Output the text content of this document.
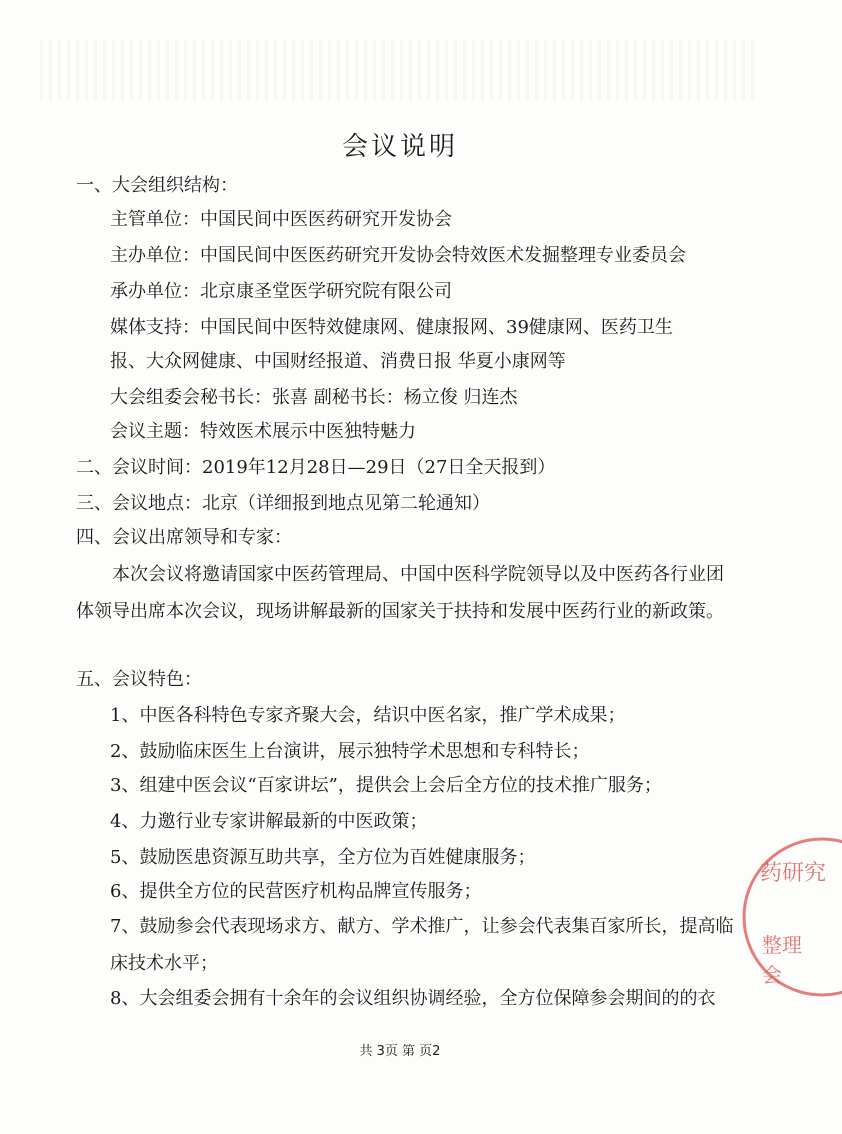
会议说明
一、大会组织结构：
主管单位：中国民间中医医药研究开发协会
主办单位：中国民间中医医药研究开发协会特效医术发掘整理专业委员会
承办单位：北京康圣堂医学研究院有限公司
媒体支持：中国民间中医特效健康网、健康报网、39健康网、医药卫生
报、大众网健康、中国财经报道、消费日报 华夏小康网等
大会组委会秘书长：张喜 副秘书长：杨立俊 归连杰
会议主题：特效医术展示中医独特魅力
二、会议时间：2019年12月28日—29日（27日全天报到）
三、会议地点：北京（详细报到地点见第二轮通知）
四、会议出席领导和专家：
本次会议将邀请国家中医药管理局、中国中医科学院领导以及中医药各行业团体领导出席本次会议，现场讲解最新的国家关于扶持和发展中医药行业的新政策。
五、会议特色：
1、中医各科特色专家齐聚大会，结识中医名家，推广学术成果；
2、鼓励临床医生上台演讲，展示独特学术思想和专科特长；
3、组建中医会议“百家讲坛”，提供会上会后全方位的技术推广服务；
4、力邀行业专家讲解最新的中医政策；
5、鼓励医患资源互助共享，全方位为百姓健康服务；
6、提供全方位的民营医疗机构品牌宣传服务；
7、鼓励参会代表现场求方、献方、学术推广，让参会代表集百家所长，提高临床技术水平；
8、大会组委会拥有十余年的会议组织协调经验，全方位保障参会期间的的衣
共 3页 第 页2
药研究
整理
会
